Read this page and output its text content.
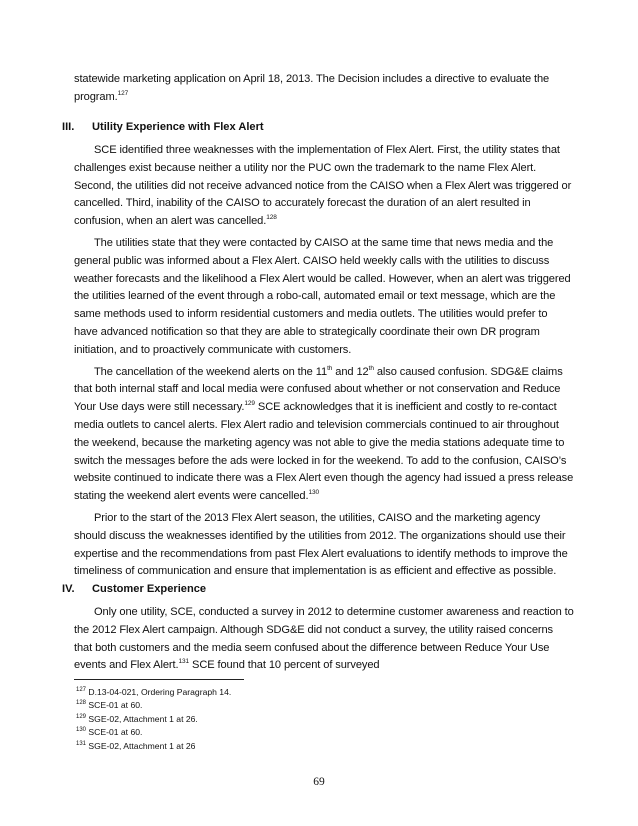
statewide marketing application on April 18, 2013. The Decision includes a directive to evaluate the program.$^{127}$

III.	Utility Experience with Flex Alert

SCE identified three weaknesses with the implementation of Flex Alert. First, the utility states that challenges exist because neither a utility nor the PUC own the trademark to the name Flex Alert. Second, the utilities did not receive advanced notice from the CAISO when a Flex Alert was triggered or cancelled. Third, inability of the CAISO to accurately forecast the duration of an alert resulted in confusion, when an alert was cancelled.$^{128}$

The utilities state that they were contacted by CAISO at the same time that news media and the general public was informed about a Flex Alert. CAISO held weekly calls with the utilities to discuss weather forecasts and the likelihood a Flex Alert would be called. However, when an alert was triggered the utilities learned of the event through a robo-call, automated email or text message, which are the same methods used to inform residential customers and media outlets. The utilities would prefer to have advanced notification so that they are able to strategically coordinate their own DR program initiation, and to proactively communicate with customers.

The cancellation of the weekend alerts on the 11th and 12th also caused confusion. SDG&E claims that both internal staff and local media were confused about whether or not conservation and Reduce Your Use days were still necessary.$^{129}$ SCE acknowledges that it is inefficient and costly to re-contact media outlets to cancel alerts. Flex Alert radio and television commercials continued to air throughout the weekend, because the marketing agency was not able to give the media stations adequate time to switch the messages before the ads were locked in for the weekend. To add to the confusion, CAISO’s website continued to indicate there was a Flex Alert even though the agency had issued a press release stating the weekend alert events were cancelled.$^{130}$

Prior to the start of the 2013 Flex Alert season, the utilities, CAISO and the marketing agency should discuss the weaknesses identified by the utilities from 2012. The organizations should use their expertise and the recommendations from past Flex Alert evaluations to identify methods to improve the timeliness of communication and ensure that implementation is as efficient and effective as possible.

IV.	Customer Experience

Only one utility, SCE, conducted a survey in 2012 to determine customer awareness and reaction to the 2012 Flex Alert campaign. Although SDG&E did not conduct a survey, the utility raised concerns that both customers and the media seem confused about the difference between Reduce Your Use events and Flex Alert.$^{131}$ SCE found that 10 percent of surveyed

$^{127}$ D.13-04-021, Ordering Paragraph 14.
$^{128}$ SCE-01 at 60.
$^{129}$ SGE-02, Attachment 1 at 26.
$^{130}$ SCE-01 at 60.
$^{131}$ SGE-02, Attachment 1 at 26
69
